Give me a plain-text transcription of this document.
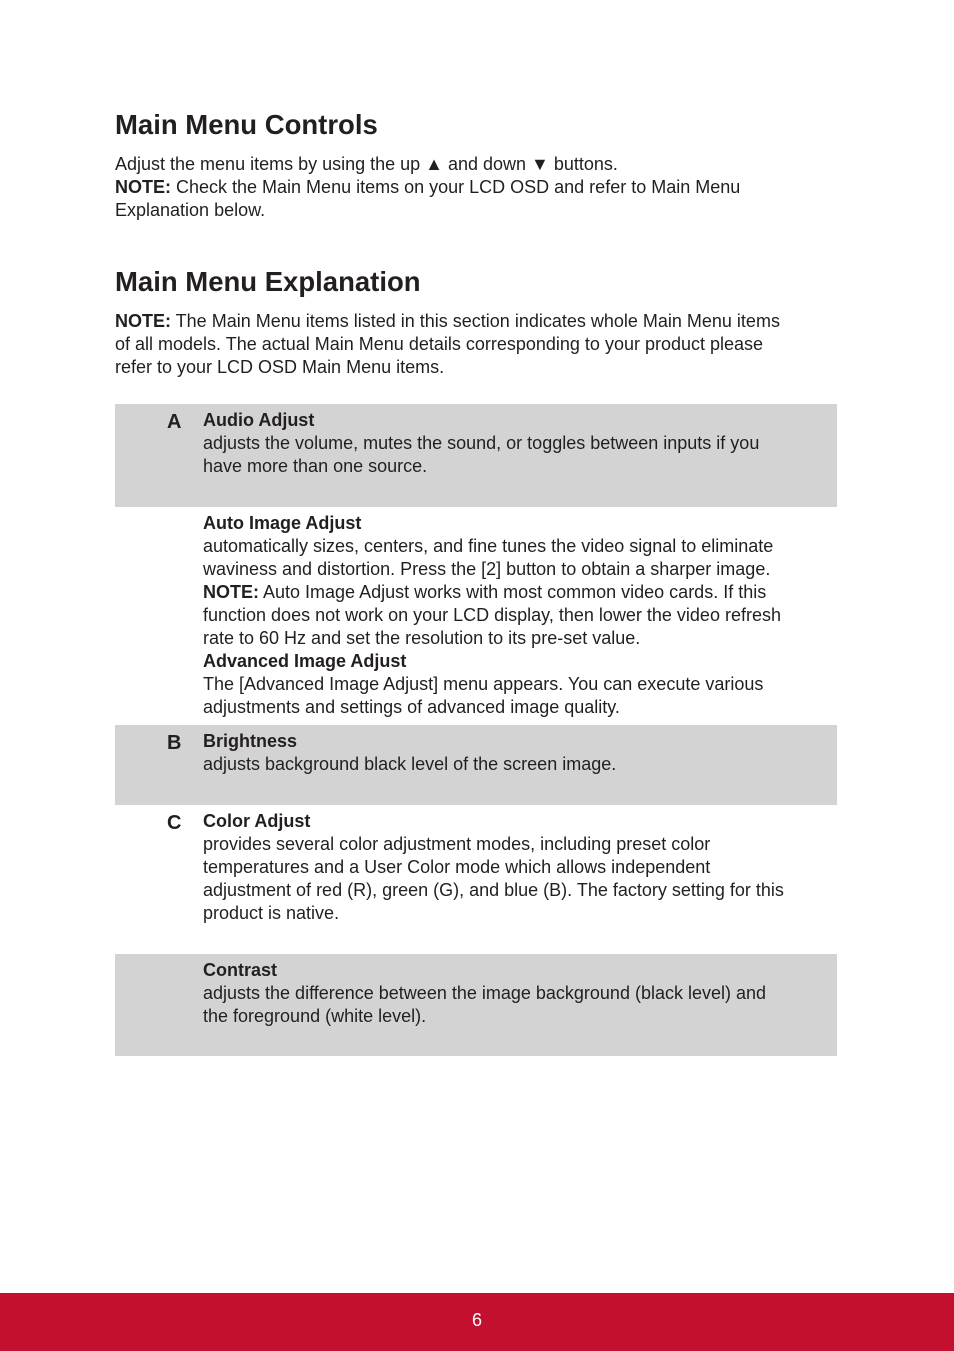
Main Menu Controls

Adjust the menu items by using the up ▲ and down ▼ buttons.
NOTE: Check the Main Menu items on your LCD OSD and refer to Main Menu
Explanation below.

Main Menu Explanation

NOTE: The Main Menu items listed in this section indicates whole Main Menu items
of all models. The actual Main Menu details corresponding to your product please
refer to your LCD OSD Main Menu items.

A Audio Adjust

adjusts the volume, mutes the sound, or toggles between inputs if you
have more than one source.

Auto Image Adjust

automatically sizes, centers, and fine tunes the video signal to eliminate
waviness and distortion. Press the [2] button to obtain a sharper image.
NOTE: Auto Image Adjust works with most common video cards. If this
function does not work on your LCD display, then lower the video refresh
rate to 60 Hz and set the resolution to its pre-set value.

Advanced Image Adjust

The [Advanced Image Adjust] menu appears. You can execute various
adjustments and settings of advanced image quality.

B Brightness

adjusts background black level of the screen image.

C Color Adjust

provides several color adjustment modes, including preset color
temperatures and a User Color mode which allows independent
adjustment of red (R), green (G), and blue (B). The factory setting for this
product is native.

Contrast

adjusts the difference between the image background (black level) and
the foreground (white level).

6
